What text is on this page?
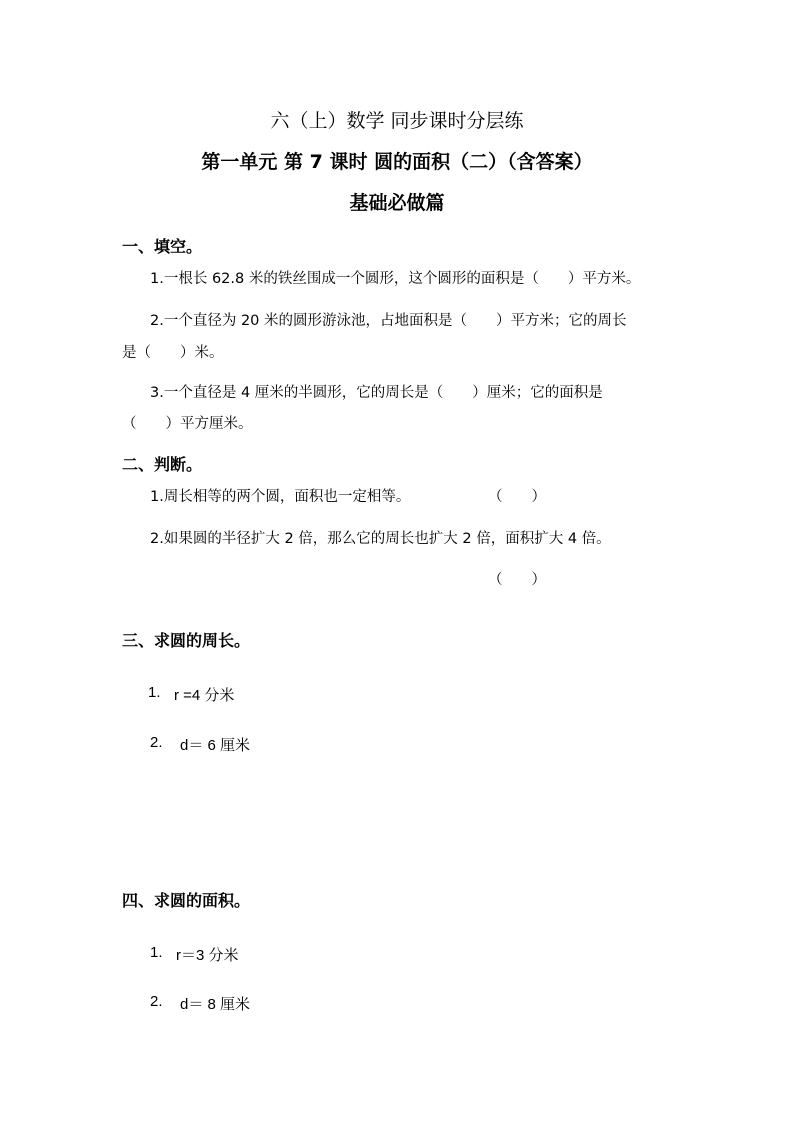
六（上）数学 同步课时分层练
第一单元 第 7 课时 圆的面积（二）（含答案）
基础必做篇
一、填空。
1.一根长 62.8 米的铁丝围成一个圆形，这个圆形的面积是（　　）平方米。
2.一个直径为 20 米的圆形游泳池，占地面积是（　　）平方米；它的周长
是（　　）米。
3.一个直径是 4 厘米的半圆形，它的周长是（　　）厘米；它的面积是
（　　）平方厘米。
二、判断。
1.周长相等的两个圆，面积也一定相等。	（　　）
2.如果圆的半径扩大 2 倍，那么它的周长也扩大 2 倍，面积扩大 4 倍。
（　　）
三、求圆的周长。
1. r =4 分米
2. d＝ 6 厘米
四、求圆的面积。
1. r＝3 分米
2. d＝ 8 厘米
